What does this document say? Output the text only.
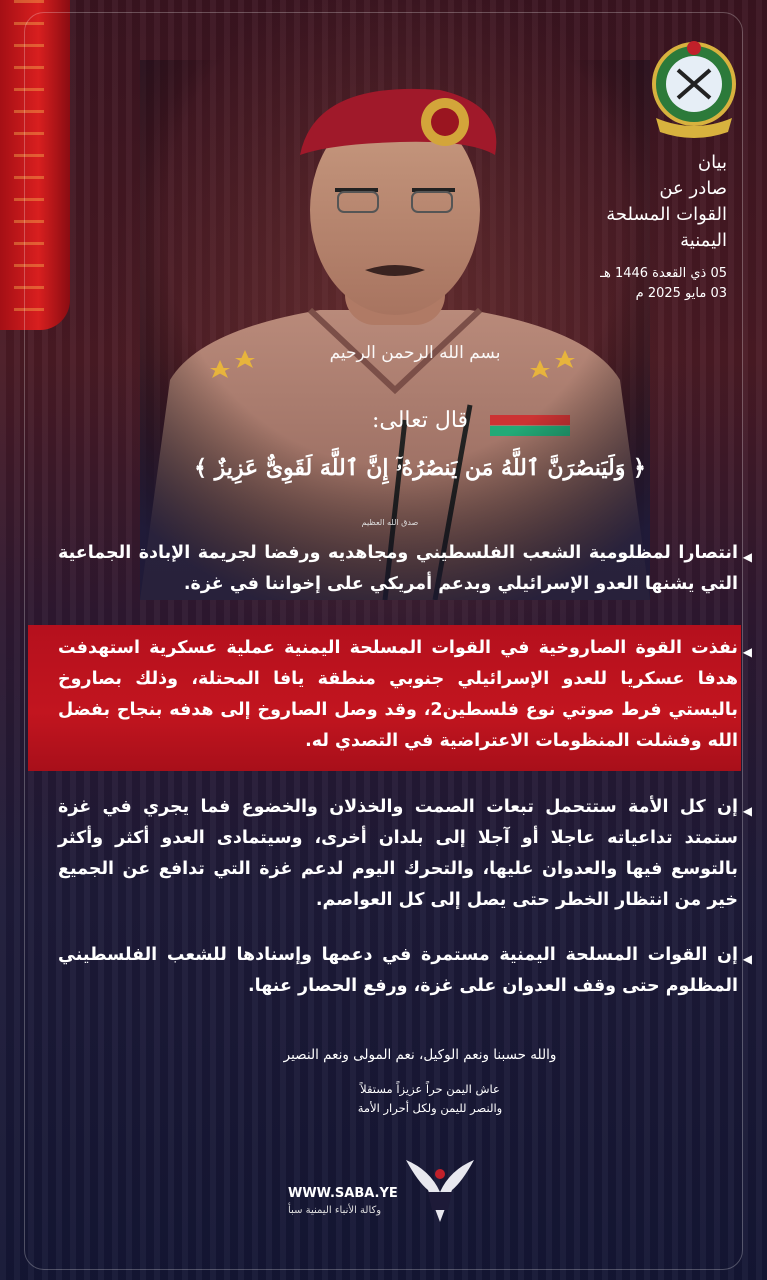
بيان
صادر عن
القوات المسلحة
اليمنية
05 ذي القعدة 1446 هـ
03 مايو 2025 م
بسم الله الرحمن الرحيم
قال تعالى:
﴿ وَلَيَنصُرَنَّ ٱللَّهُ مَن يَنصُرُهُۥٓ إِنَّ ٱللَّهَ لَقَوِىٌّ عَزِيزٌ ﴾
صدق الله العظيم
◀
انتصارا لمظلومية الشعب الفلسطيني ومجاهديه ورفضا لجريمة الإبادة الجماعية التي يشنها العدو الإسرائيلي وبدعم أمريكي على إخواننا في غزة.
◀
نفذت القوة الصاروخية في القوات المسلحة اليمنية عملية عسكرية استهدفت هدفا عسكريا للعدو الإسرائيلي جنوبي منطقة يافا المحتلة، وذلك بصاروخ باليستي فرط صوتي نوع فلسطين2، وقد وصل الصاروخ إلى هدفه بنجاح بفضل الله وفشلت المنظومات الاعتراضية في التصدي له.
◀
إن كل الأمة ستتحمل تبعات الصمت والخذلان والخضوع فما يجري في غزة ستمتد تداعياته عاجلا أو آجلا إلى بلدان أخرى، وسيتمادى العدو أكثر وأكثر بالتوسع فيها والعدوان عليها، والتحرك اليوم لدعم غزة التي تدافع عن الجميع خير من انتظار الخطر حتى يصل إلى كل العواصم.
◀
إن القوات المسلحة اليمنية مستمرة في دعمها وإسنادها للشعب الفلسطيني المظلوم حتى وقف العدوان على غزة، ورفع الحصار عنها.
والله حسبنا ونعم الوكيل، نعم المولى ونعم النصير
عاش اليمن حراً عزيزاً مستقلاً
والنصر لليمن ولكل أحرار الأمة
WWW.SABA.YE
وكالة الأنباء اليمنية سبأ
